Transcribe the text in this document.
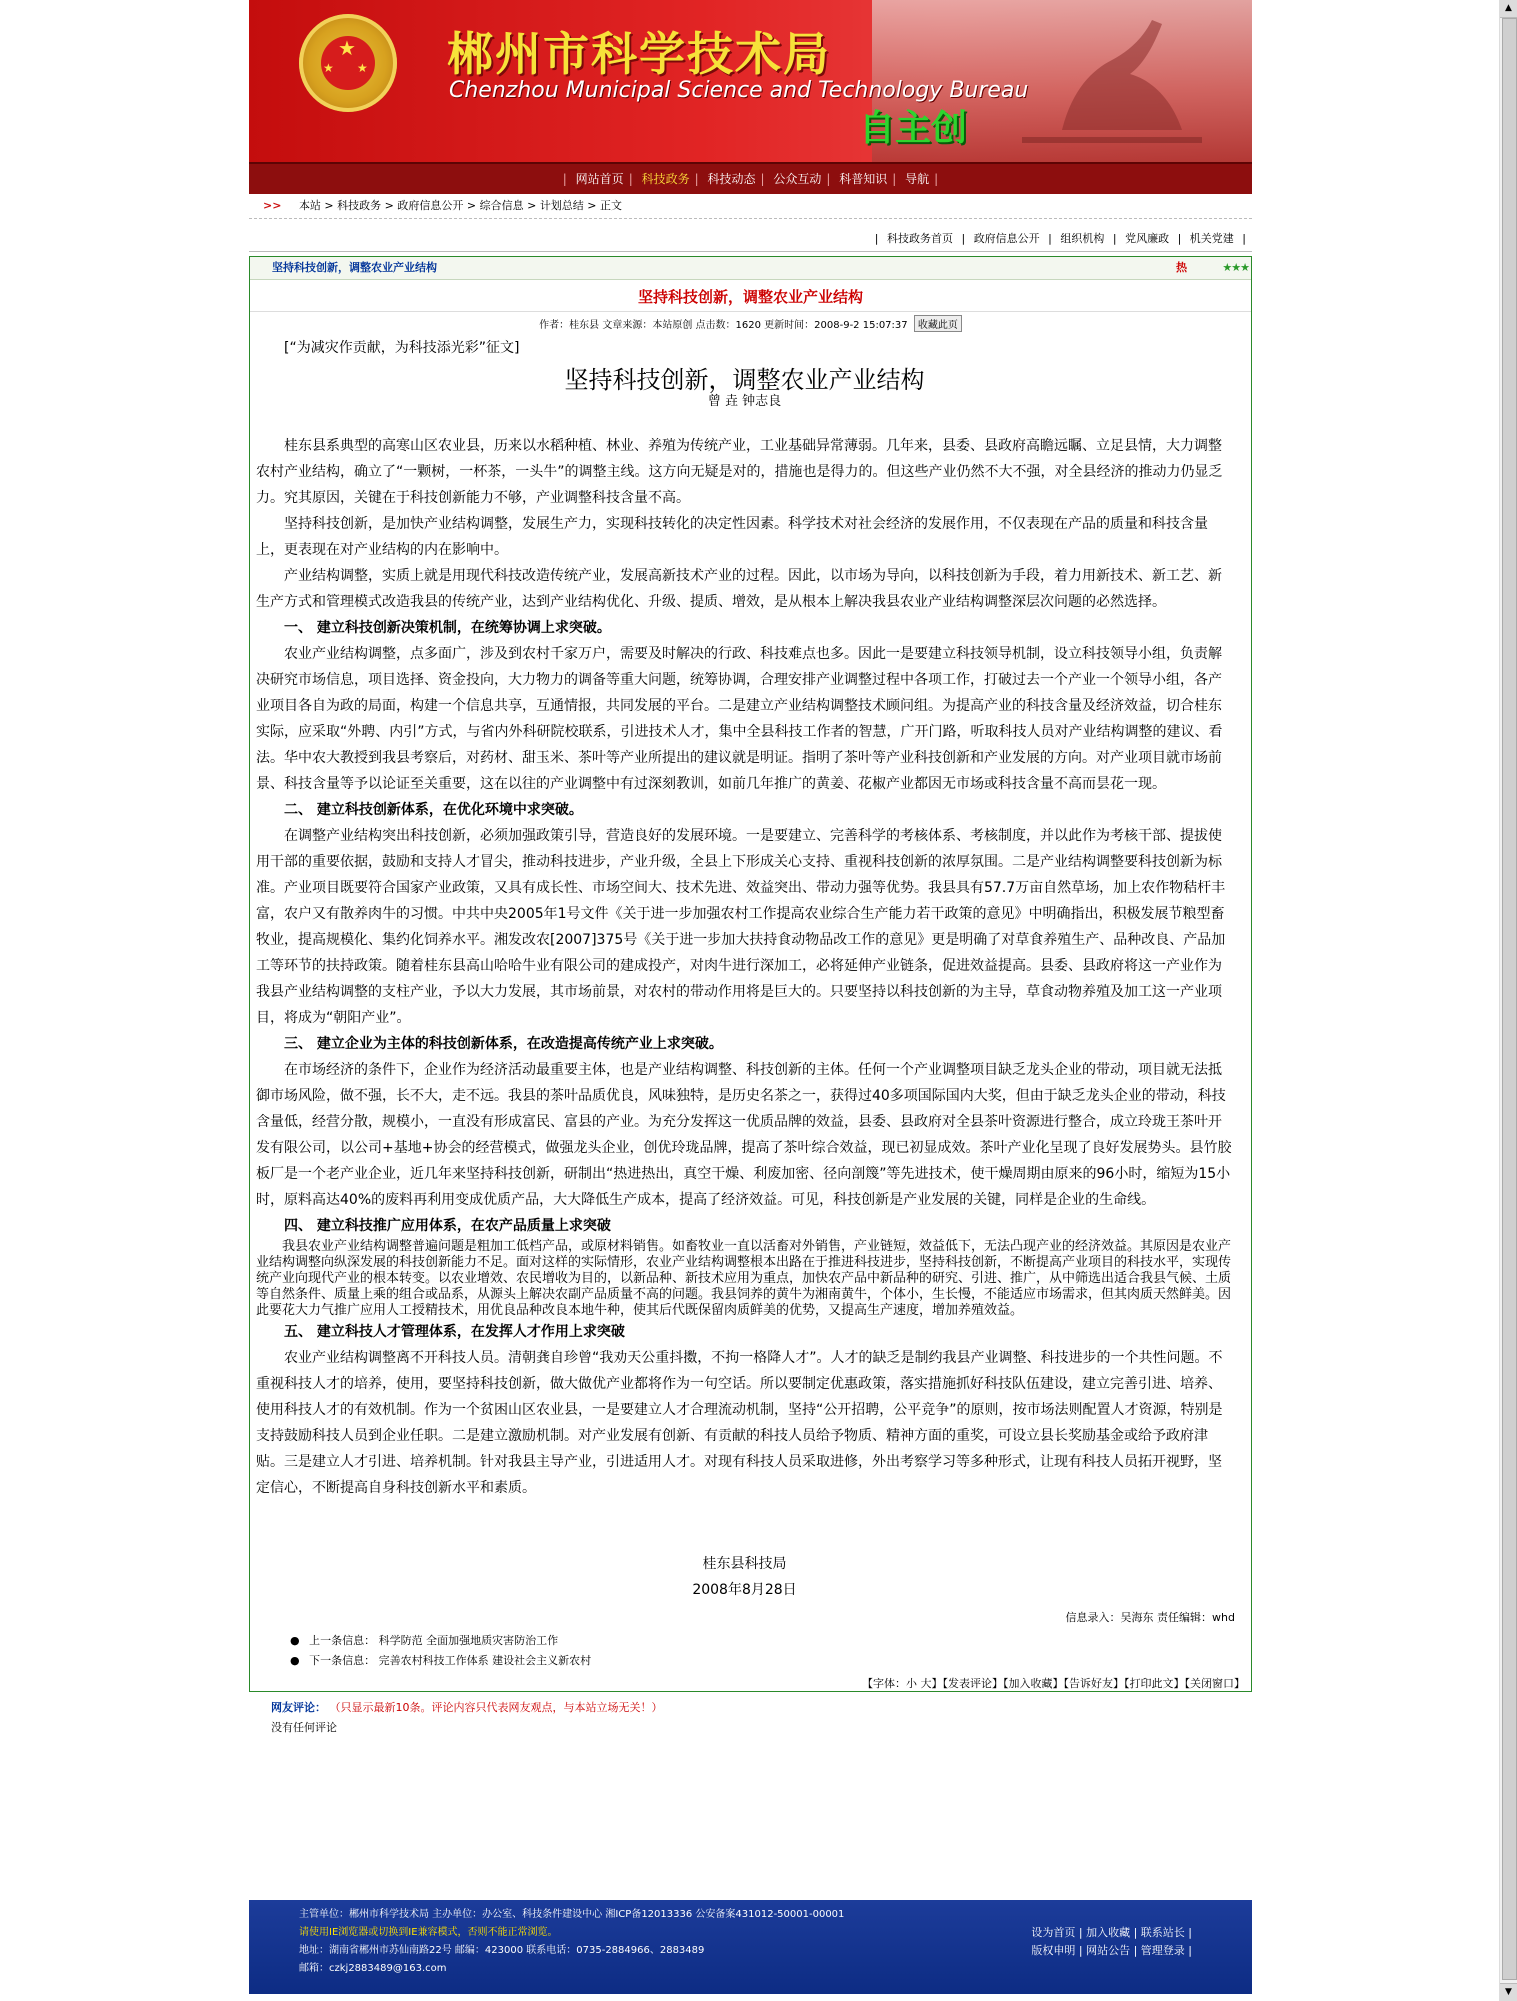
★
★ ★ 郴州市科学技术局
Chenzhou Municipal Science and Technology Bureau
自主创
| 网站首页 | 科技政务 | 科技动态 | 公众互动 | 科普知识 | 导航 |
>> 本站 > 科技政务 > 政府信息公开 > 综合信息 > 计划总结 > 正文
| 科技政务首页 | 政府信息公开 | 组织机构 | 党风廉政 | 机关党建 |
坚持科技创新，调整农业产业结构	热	★★★
坚持科技创新，调整农业产业结构
作者：桂东县 文章来源：本站原创 点击数：1620 更新时间：2008-9-2 15:07:37 收藏此页

[“为减灾作贡献，为科技添光彩”征文]

坚持科技创新，调整农业产业结构

曾 垚 钟志良

桂东县系典型的高寒山区农业县，历来以水稻种植、林业、养殖为传统产业，工业基础异常薄弱。几年来，县委、县政府高瞻远瞩、立足县情，大力调整农村产业结构，确立了“一颗树，一杯茶，一头牛”的调整主线。这方向无疑是对的，措施也是得力的。但这些产业仍然不大不强，对全县经济的推动力仍显乏力。究其原因，关键在于科技创新能力不够，产业调整科技含量不高。

坚持科技创新，是加快产业结构调整，发展生产力，实现科技转化的决定性因素。科学技术对社会经济的发展作用，不仅表现在产品的质量和科技含量上，更表现在对产业结构的内在影响中。

产业结构调整，实质上就是用现代科技改造传统产业，发展高新技术产业的过程。因此，以市场为导向，以科技创新为手段，着力用新技术、新工艺、新生产方式和管理模式改造我县的传统产业，达到产业结构优化、升级、提质、增效，是从根本上解决我县农业产业结构调整深层次问题的必然选择。

一、 建立科技创新决策机制，在统筹协调上求突破。

农业产业结构调整，点多面广，涉及到农村千家万户，需要及时解决的行政、科技难点也多。因此一是要建立科技领导机制，设立科技领导小组，负责解决研究市场信息，项目选择、资金投向，大力物力的调备等重大问题，统筹协调，合理安排产业调整过程中各项工作，打破过去一个产业一个领导小组，各产业项目各自为政的局面，构建一个信息共享，互通情报，共同发展的平台。二是建立产业结构调整技术顾问组。为提高产业的科技含量及经济效益，切合桂东实际，应采取“外聘、内引”方式，与省内外科研院校联系，引进技术人才，集中全县科技工作者的智慧，广开门路，听取科技人员对产业结构调整的建议、看法。华中农大教授到我县考察后，对药材、甜玉米、茶叶等产业所提出的建议就是明证。指明了茶叶等产业科技创新和产业发展的方向。对产业项目就市场前景、科技含量等予以论证至关重要，这在以往的产业调整中有过深刻教训，如前几年推广的黄姜、花椒产业都因无市场或科技含量不高而昙花一现。

二、 建立科技创新体系，在优化环境中求突破。

在调整产业结构突出科技创新，必须加强政策引导，营造良好的发展环境。一是要建立、完善科学的考核体系、考核制度，并以此作为考核干部、提拔使用干部的重要依据，鼓励和支持人才冒尖，推动科技进步，产业升级，全县上下形成关心支持、重视科技创新的浓厚氛围。二是产业结构调整要科技创新为标准。产业项目既要符合国家产业政策，又具有成长性、市场空间大、技术先进、效益突出、带动力强等优势。我县具有57.7万亩自然草场，加上农作物秸杆丰富，农户又有散养肉牛的习惯。中共中央2005年1号文件《关于进一步加强农村工作提高农业综合生产能力若干政策的意见》中明确指出，积极发展节粮型畜牧业，提高规模化、集约化饲养水平。湘发改农[2007]375号《关于进一步加大扶持食动物品改工作的意见》更是明确了对草食养殖生产、品种改良、产品加工等环节的扶持政策。随着桂东县高山哈哈牛业有限公司的建成投产，对肉牛进行深加工，必将延伸产业链条，促进效益提高。县委、县政府将这一产业作为我县产业结构调整的支柱产业，予以大力发展，其市场前景，对农村的带动作用将是巨大的。只要坚持以科技创新的为主导，草食动物养殖及加工这一产业项目，将成为“朝阳产业”。

三、 建立企业为主体的科技创新体系，在改造提高传统产业上求突破。

在市场经济的条件下，企业作为经济活动最重要主体，也是产业结构调整、科技创新的主体。任何一个产业调整项目缺乏龙头企业的带动，项目就无法抵御市场风险，做不强，长不大，走不远。我县的茶叶品质优良，风味独特，是历史名茶之一，获得过40多项国际国内大奖，但由于缺乏龙头企业的带动，科技含量低，经营分散，规模小，一直没有形成富民、富县的产业。为充分发挥这一优质品牌的效益，县委、县政府对全县茶叶资源进行整合，成立玲珑王茶叶开发有限公司，以公司+基地+协会的经营模式，做强龙头企业，创优玲珑品牌，提高了茶叶综合效益，现已初显成效。茶叶产业化呈现了良好发展势头。县竹胶板厂是一个老产业企业，近几年来坚持科技创新，研制出“热进热出，真空干燥、利废加密、径向剖篾”等先进技术，使干燥周期由原来的96小时，缩短为15小时，原料高达40%的废料再利用变成优质产品，大大降低生产成本，提高了经济效益。可见，科技创新是产业发展的关键，同样是企业的生命线。

四、 建立科技推广应用体系，在农产品质量上求突破

我县农业产业结构调整普遍问题是粗加工低档产品，或原材料销售。如畜牧业一直以活畜对外销售，产业链短，效益低下，无法凸现产业的经济效益。其原因是农业产业结构调整向纵深发展的科技创新能力不足。面对这样的实际情形，农业产业结构调整根本出路在于推进科技进步，坚持科技创新，不断提高产业项目的科技水平，实现传统产业向现代产业的根本转变。以农业增效、农民增收为目的，以新品种、新技术应用为重点，加快农产品中新品种的研究、引进、推广，从中筛选出适合我县气候、土质等自然条件、质量上乘的组合或品系，从源头上解决农副产品质量不高的问题。我县饲养的黄牛为湘南黄牛，个体小，生长慢，不能适应市场需求，但其肉质天然鲜美。因此要花大力气推广应用人工授精技术，用优良品种改良本地牛种，使其后代既保留肉质鲜美的优势，又提高生产速度，增加养殖效益。

五、 建立科技人才管理体系，在发挥人才作用上求突破

农业产业结构调整离不开科技人员。清朝龚自珍曾“我劝天公重抖擞，不拘一格降人才”。人才的缺乏是制约我县产业调整、科技进步的一个共性问题。不重视科技人才的培养，使用，要坚持科技创新，做大做优产业都将作为一句空话。所以要制定优惠政策，落实措施抓好科技队伍建设，建立完善引进、培养、使用科技人才的有效机制。作为一个贫困山区农业县，一是要建立人才合理流动机制，坚持“公开招聘，公平竞争”的原则，按市场法则配置人才资源，特别是支持鼓励科技人员到企业任职。二是建立激励机制。对产业发展有创新、有贡献的科技人员给予物质、精神方面的重奖，可设立县长奖励基金或给予政府津贴。三是建立人才引进、培养机制。针对我县主导产业，引进适用人才。对现有科技人员采取进修，外出考察学习等多种形式，让现有科技人员拓开视野，坚定信心，不断提高自身科技创新水平和素质。

桂东县科技局

2008年8月28日

信息录入：吴海东 责任编辑：whd
● 上一条信息： 科学防范 全面加强地质灾害防治工作
● 下一条信息： 完善农村科技工作体系 建设社会主义新农村
【字体：小 大】【发表评论】【加入收藏】【告诉好友】【打印此文】【关闭窗口】
网友评论： （只显示最新10条。评论内容只代表网友观点，与本站立场无关！）
没有任何评论
主管单位：郴州市科学技术局 主办单位：办公室、科技条件建设中心 湘ICP备12013336 公安备案431012-50001-00001
请使用IE浏览器或切换到IE兼容模式，否则不能正常浏览。
地址：湖南省郴州市苏仙南路22号 邮编：423000 联系电话：0735-2884966、2883489
邮箱：czkj2883489@163.com
设为首页 | 加入收藏 | 联系站长 |
版权申明 | 网站公告 | 管理登录 |
▲
▼
